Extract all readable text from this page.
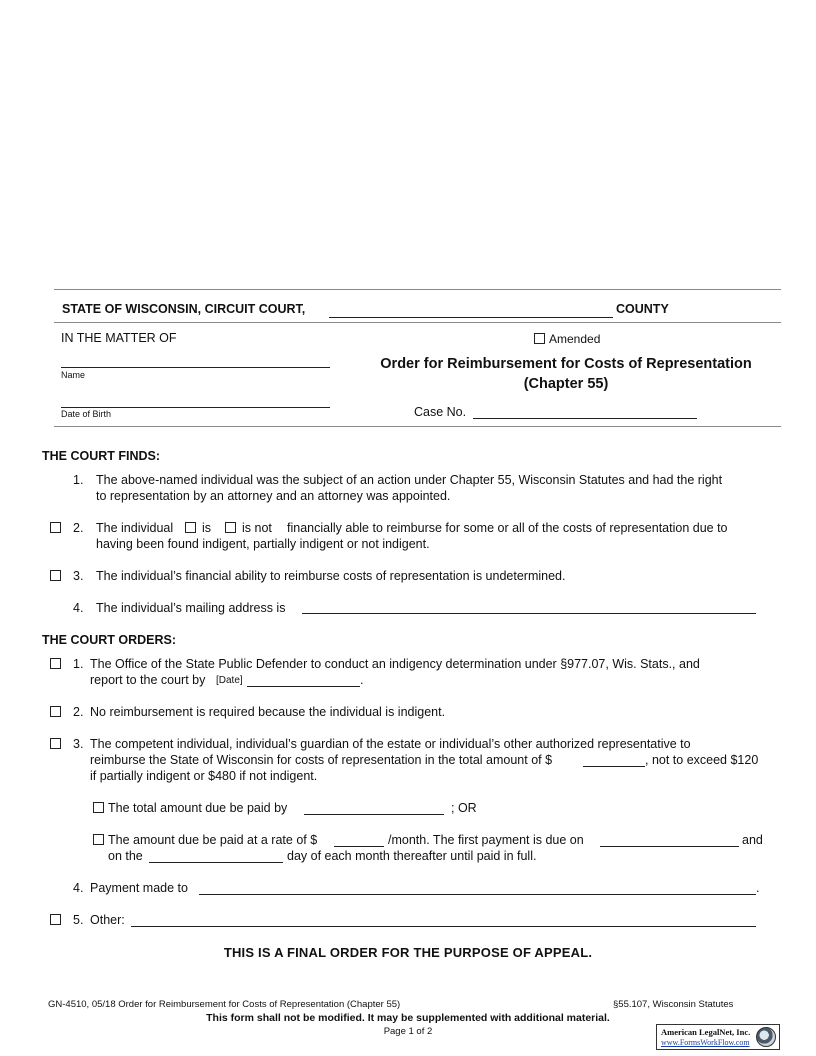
STATE OF WISCONSIN, CIRCUIT COURT,	COUNTY
IN THE MATTER OF
Name
Date of Birth
Amended
Order for Reimbursement for Costs of Representation
(Chapter 55)
Case No.
THE COURT FINDS:
1. The above-named individual was the subject of an action under Chapter 55, Wisconsin Statutes and had the right
to representation by an attorney and an attorney was appointed.
2. The individual is is not financially able to reimburse for some or all of the costs of representation due to
having been found indigent, partially indigent or not indigent.
3. The individual’s financial ability to reimburse costs of representation is undetermined.
4. The individual’s mailing address is
THE COURT ORDERS:
1. The Office of the State Public Defender to conduct an indigency determination under §977.07, Wis. Stats., and
report to the court by [Date]	.
2. No reimbursement is required because the individual is indigent.
3. The competent individual, individual’s guardian of the estate or individual’s other authorized representative to
reimburse the State of Wisconsin for costs of representation in the total amount of $	, not to exceed $120
if partially indigent or $480 if not indigent.
The total amount due be paid by	; OR
The amount due be paid at a rate of $	/month. The first payment is due on	and
on the	day of each month thereafter until paid in full.
4. Payment made to	.
5. Other:
THIS IS A FINAL ORDER FOR THE PURPOSE OF APPEAL.
GN-4510, 05/18 Order for Reimbursement for Costs of Representation (Chapter 55)	§55.107, Wisconsin Statutes
This form shall not be modified. It may be supplemented with additional material.
Page 1 of 2	American LegalNet, Inc.
www.FormsWorkFlow.com
